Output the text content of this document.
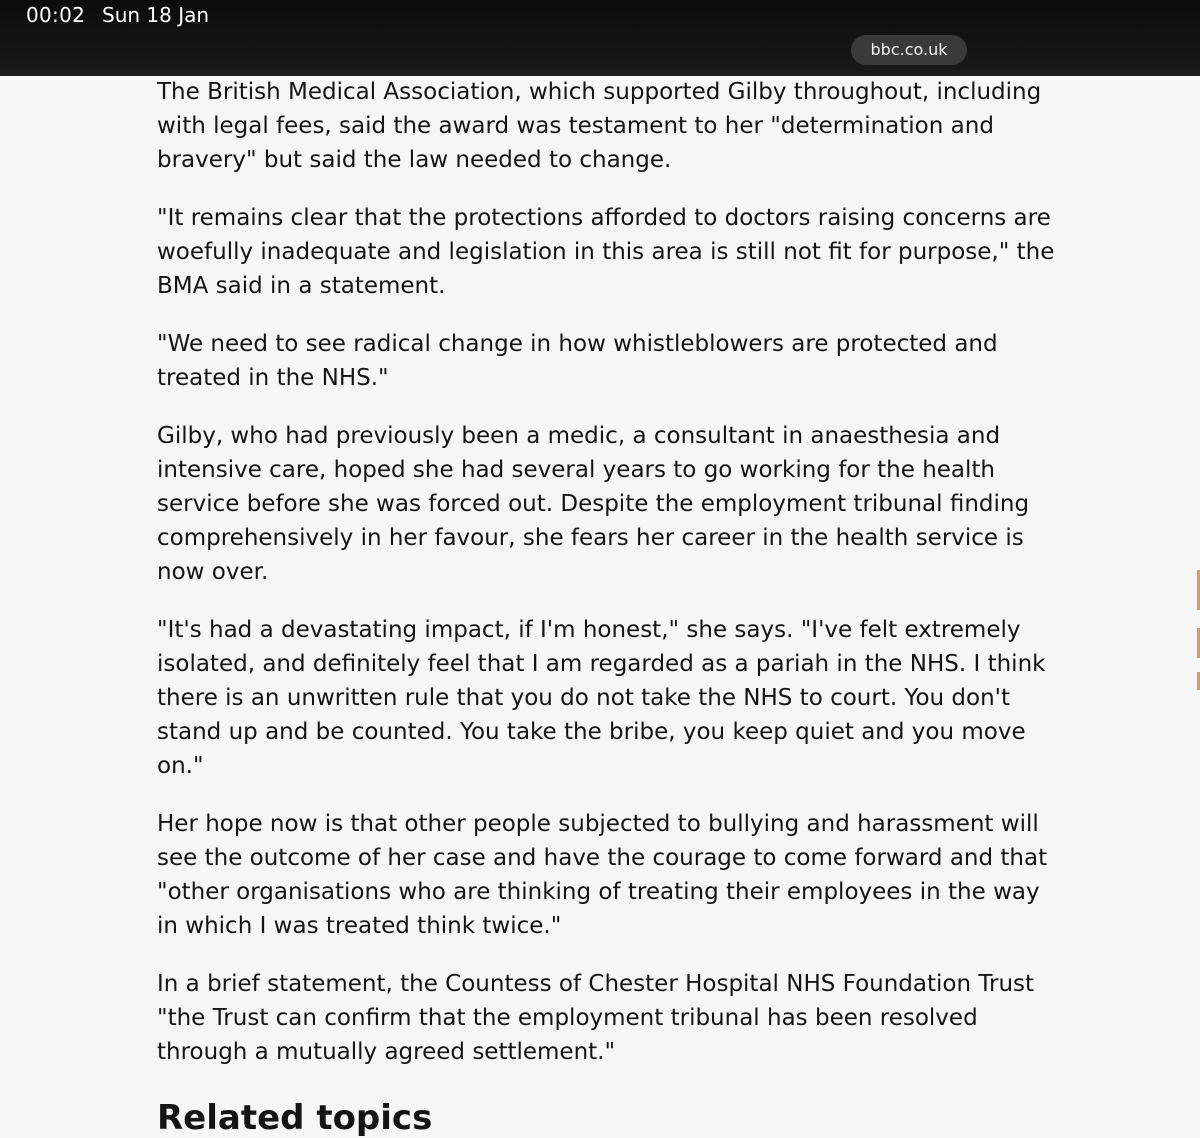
00:02 Sun 18 Jan
bbc.co.uk

The British Medical Association, which supported Gilby throughout, including with legal fees, said the award was testament to her "determination and bravery" but said the law needed to change.

"It remains clear that the protections afforded to doctors raising concerns are woefully inadequate and legislation in this area is still not fit for purpose," the BMA said in a statement.

"We need to see radical change in how whistleblowers are protected and treated in the NHS."

Gilby, who had previously been a medic, a consultant in anaesthesia and intensive care, hoped she had several years to go working for the health service before she was forced out. Despite the employment tribunal finding comprehensively in her favour, she fears her career in the health service is now over.

"It's had a devastating impact, if I'm honest," she says. "I've felt extremely isolated, and definitely feel that I am regarded as a pariah in the NHS. I think there is an unwritten rule that you do not take the NHS to court. You don't stand up and be counted. You take the bribe, you keep quiet and you move on."

Her hope now is that other people subjected to bullying and harassment will see the outcome of her case and have the courage to come forward and that "other organisations who are thinking of treating their employees in the way in which I was treated think twice."

In a brief statement, the Countess of Chester Hospital NHS Foundation Trust "the Trust can confirm that the employment tribunal has been resolved through a mutually agreed settlement."

Related topics
